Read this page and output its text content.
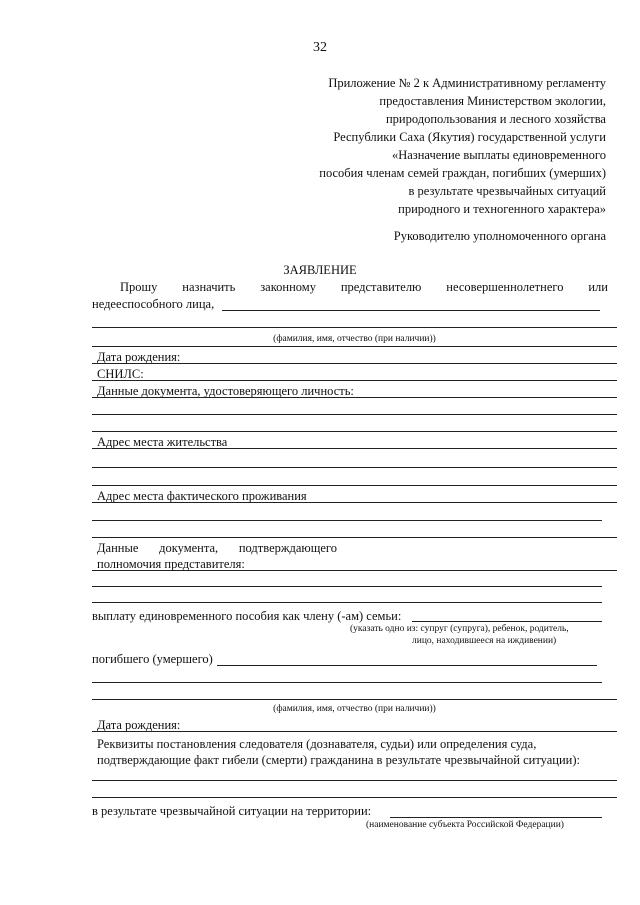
32
Приложение № 2 к Административному регламенту
предоставления Министерством экологии,
природопользования и лесного хозяйства
Республики Саха (Якутия) государственной услуги
«Назначение выплаты единовременного
пособия членам семей граждан, погибших (умерших)
в результате чрезвычайных ситуаций
природного и техногенного характера»
Руководителю уполномоченного органа
ЗАЯВЛЕНИЕ
Прошу назначить законному представителю несовершеннолетнего или
недееспособного лица,
(фамилия, имя, отчество (при наличии))
Дата рождения:
СНИЛС:
Данные документа, удостоверяющего личность:
Адрес места жительства
Адрес места фактического проживания
Данные документа, подтверждающего
полномочия представителя:
выплату единовременного пособия как члену (-ам) семьи:
(указать одно из: супруг (супруга), ребенок, родитель,
лицо, находившееся на иждивении)
погибшего (умершего)
(фамилия, имя, отчество (при наличии))
Дата рождения:
Реквизиты постановления следователя (дознавателя, судьи) или определения суда,
подтверждающие факт гибели (смерти) гражданина в результате чрезвычайной ситуации):
в результате чрезвычайной ситуации на территории:
(наименование субъекта Российской Федерации)
